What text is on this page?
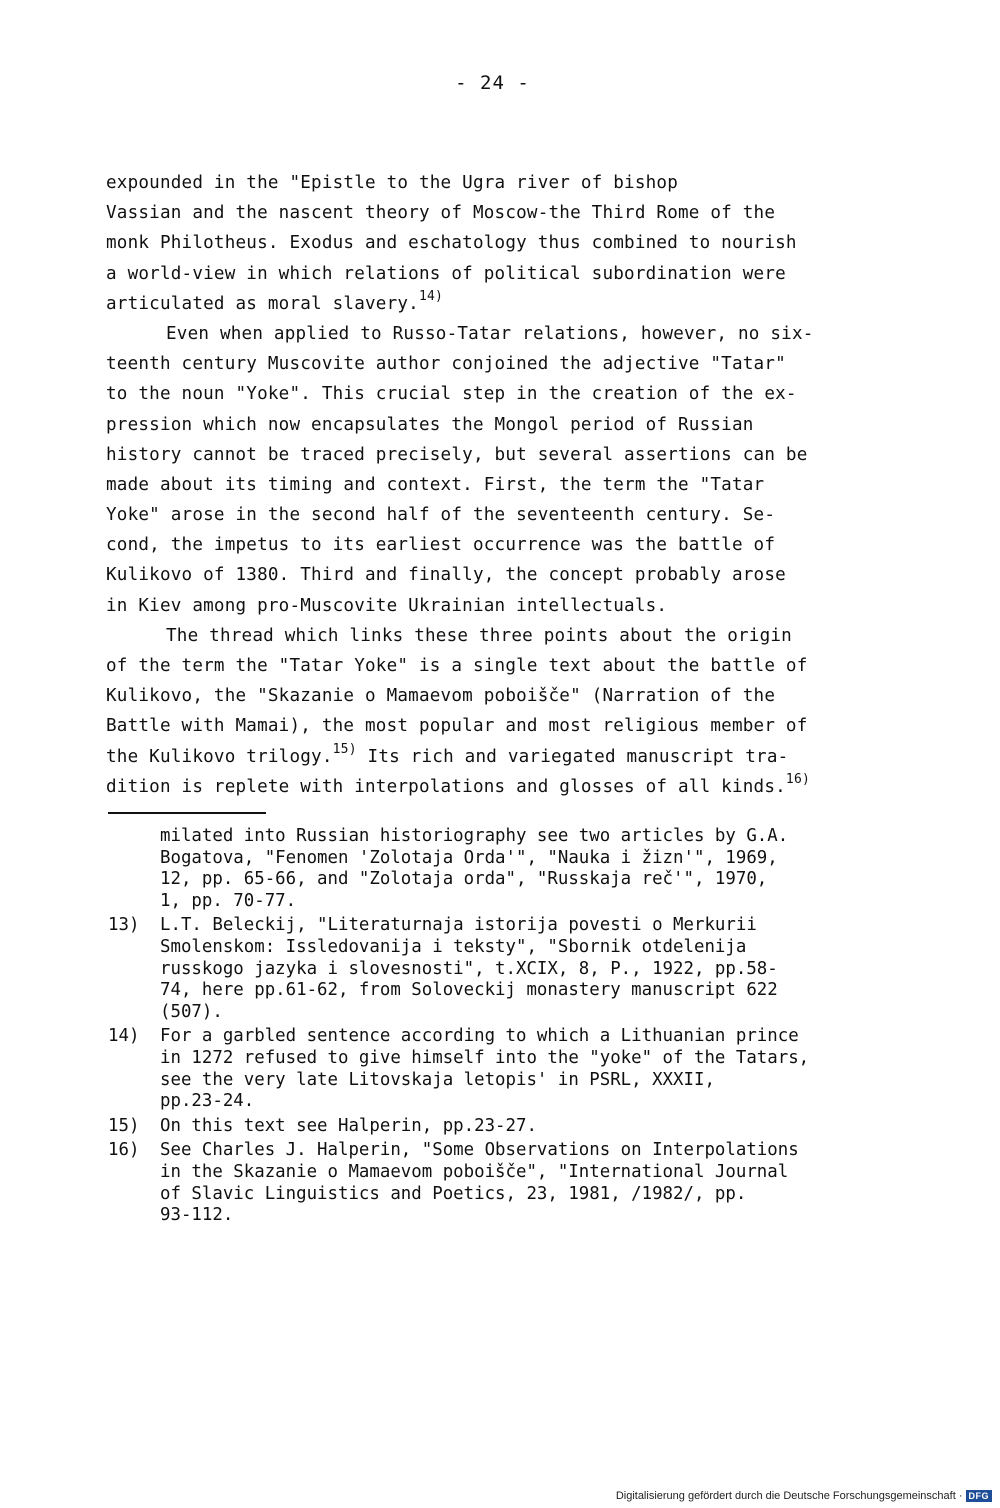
- 24 -
expounded in the "Epistle to the Ugra river of bishop
Vassian and the nascent theory of Moscow-the Third Rome of the
monk Philotheus. Exodus and eschatology thus combined to nourish
a world-view in which relations of political subordination were
articulated as moral slavery.$^{14)}$
Even when applied to Russo-Tatar relations, however, no six-
teenth century Muscovite author conjoined the adjective "Tatar"
to the noun "Yoke". This crucial step in the creation of the ex-
pression which now encapsulates the Mongol period of Russian
history cannot be traced precisely, but several assertions can be
made about its timing and context. First, the term the "Tatar
Yoke" arose in the second half of the seventeenth century. Se-
cond, the impetus to its earliest occurrence was the battle of
Kulikovo of 1380. Third and finally, the concept probably arose
in Kiev among pro-Muscovite Ukrainian intellectuals.
The thread which links these three points about the origin
of the term the "Tatar Yoke" is a single text about the battle of
Kulikovo, the "Skazanie o Mamaevom poboišče" (Narration of the
Battle with Mamai), the most popular and most religious member of
the Kulikovo trilogy.$^{15)}$ Its rich and variegated manuscript tra-
dition is replete with interpolations and glosses of all kinds.$^{16)}$
milated into Russian historiography see two articles by G.A.
Bogatova, "Fenomen 'Zolotaja Orda'", "Nauka i žizn'", 1969,
12, pp. 65-66, and "Zolotaja orda", "Russkaja reč'", 1970,
1, pp. 70-77.
13)	L.T. Beleckij, "Literaturnaja istorija povesti o Merkurii
Smolenskom: Issledovanija i teksty", "Sbornik otdelenija
russkogo jazyka i slovesnosti", t.XCIX, 8, P., 1922, pp.58-
74, here pp.61-62, from Soloveckij monastery manuscript 622
(507).
14)	For a garbled sentence according to which a Lithuanian prince
in 1272 refused to give himself into the "yoke" of the Tatars,
see the very late Litovskaja letopis' in PSRL, XXXII,
pp.23-24.
15)	On this text see Halperin, pp.23-27.
16)	See Charles J. Halperin, "Some Observations on Interpolations
in the Skazanie o Mamaevom poboišče", "International Journal
of Slavic Linguistics and Poetics, 23, 1981, /1982/, pp.
93-112.
Digitalisierung gefördert durch die Deutsche Forschungsgemeinschaft · DFG
